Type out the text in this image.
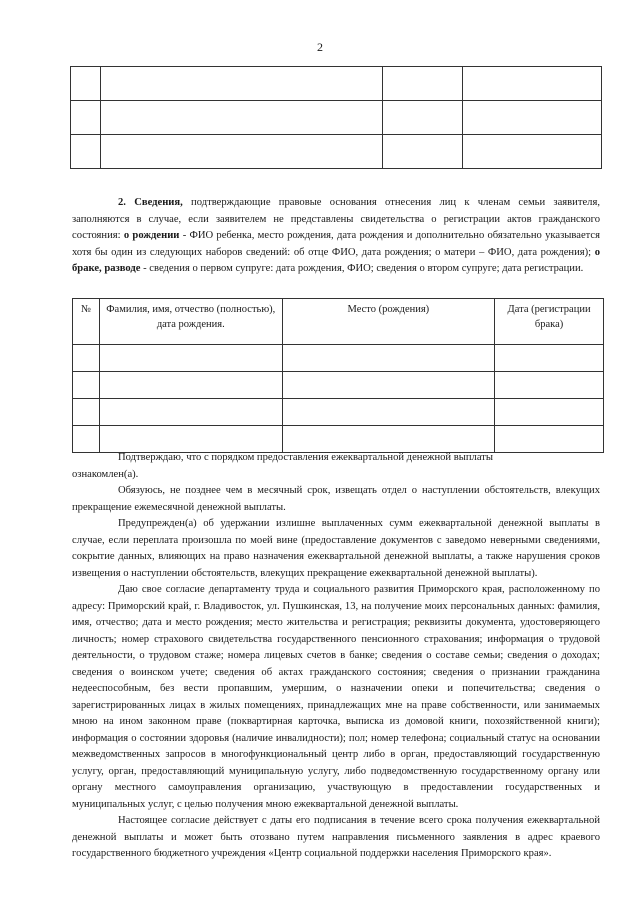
2

2. Сведения, подтверждающие правовые основания отнесения лиц к членам семьи заявителя, заполняются в случае, если заявителем не представлены свидетельства о регистрации актов гражданского состояния: о рождении - ФИО ребенка, место рождения, дата рождения и дополнительно обязательно указывается хотя бы один из следующих наборов сведений: об отце ФИО, дата рождения; о матери – ФИО, дата рождения); о браке, разводе - сведения о первом супруге: дата рождения, ФИО; сведения о втором супруге; дата регистрации.
№	Фамилия, имя, отчество (полностью), дата рождения.	Место (рождения)	Дата (регистрации брака)

Подтверждаю, что с порядком предоставления ежеквартальной денежной выплаты

ознакомлен(а).

Обязуюсь, не позднее чем в месячный срок, извещать отдел о наступлении обстоятельств, влекущих прекращение ежемесячной денежной выплаты.

Предупрежден(а) об удержании излишне выплаченных сумм ежеквартальной денежной выплаты в случае, если переплата произошла по моей вине (предоставление документов с заведомо неверными сведениями, сокрытие данных, влияющих на право назначения ежеквартальной денежной выплаты, а также нарушения сроков извещения о наступлении обстоятельств, влекущих прекращение ежеквартальной денежной выплаты).

Даю свое согласие департаменту труда и социального развития Приморского края, расположенному по адресу: Приморский край, г. Владивосток, ул. Пушкинская, 13, на получение моих персональных данных: фамилия, имя, отчество; дата и место рождения; место жительства и регистрация; реквизиты документа, удостоверяющего личность; номер страхового свидетельства государственного пенсионного страхования; информация о трудовой деятельности, о трудовом стаже; номера лицевых счетов в банке; сведения о составе семьи; сведения о доходах; сведения о воинском учете; сведения об актах гражданского состояния; сведения о признании гражданина недееспособным, без вести пропавшим, умершим, о назначении опеки и попечительства; сведения о зарегистрированных лицах в жилых помещениях, принадлежащих мне на праве собственности, или занимаемых мною на ином законном праве (поквартирная карточка, выписка из домовой книги, похозяйственной книги); информация о состоянии здоровья (наличие инвалидности); пол; номер телефона; социальный статус на основании межведомственных запросов в многофункциональный центр либо в орган, предоставляющий государственную услугу, орган, предоставляющий муниципальную услугу, либо подведомственную государственному органу или органу местного самоуправления организацию, участвующую в предоставлении государственных и муниципальных услуг, с целью получения мною ежеквартальной денежной выплаты.

Настоящее согласие действует с даты его подписания в течение всего срока получения ежеквартальной денежной выплаты и может быть отозвано путем направления письменного заявления в адрес краевого государственного бюджетного учреждения «Центр социальной поддержки населения Приморского края».
